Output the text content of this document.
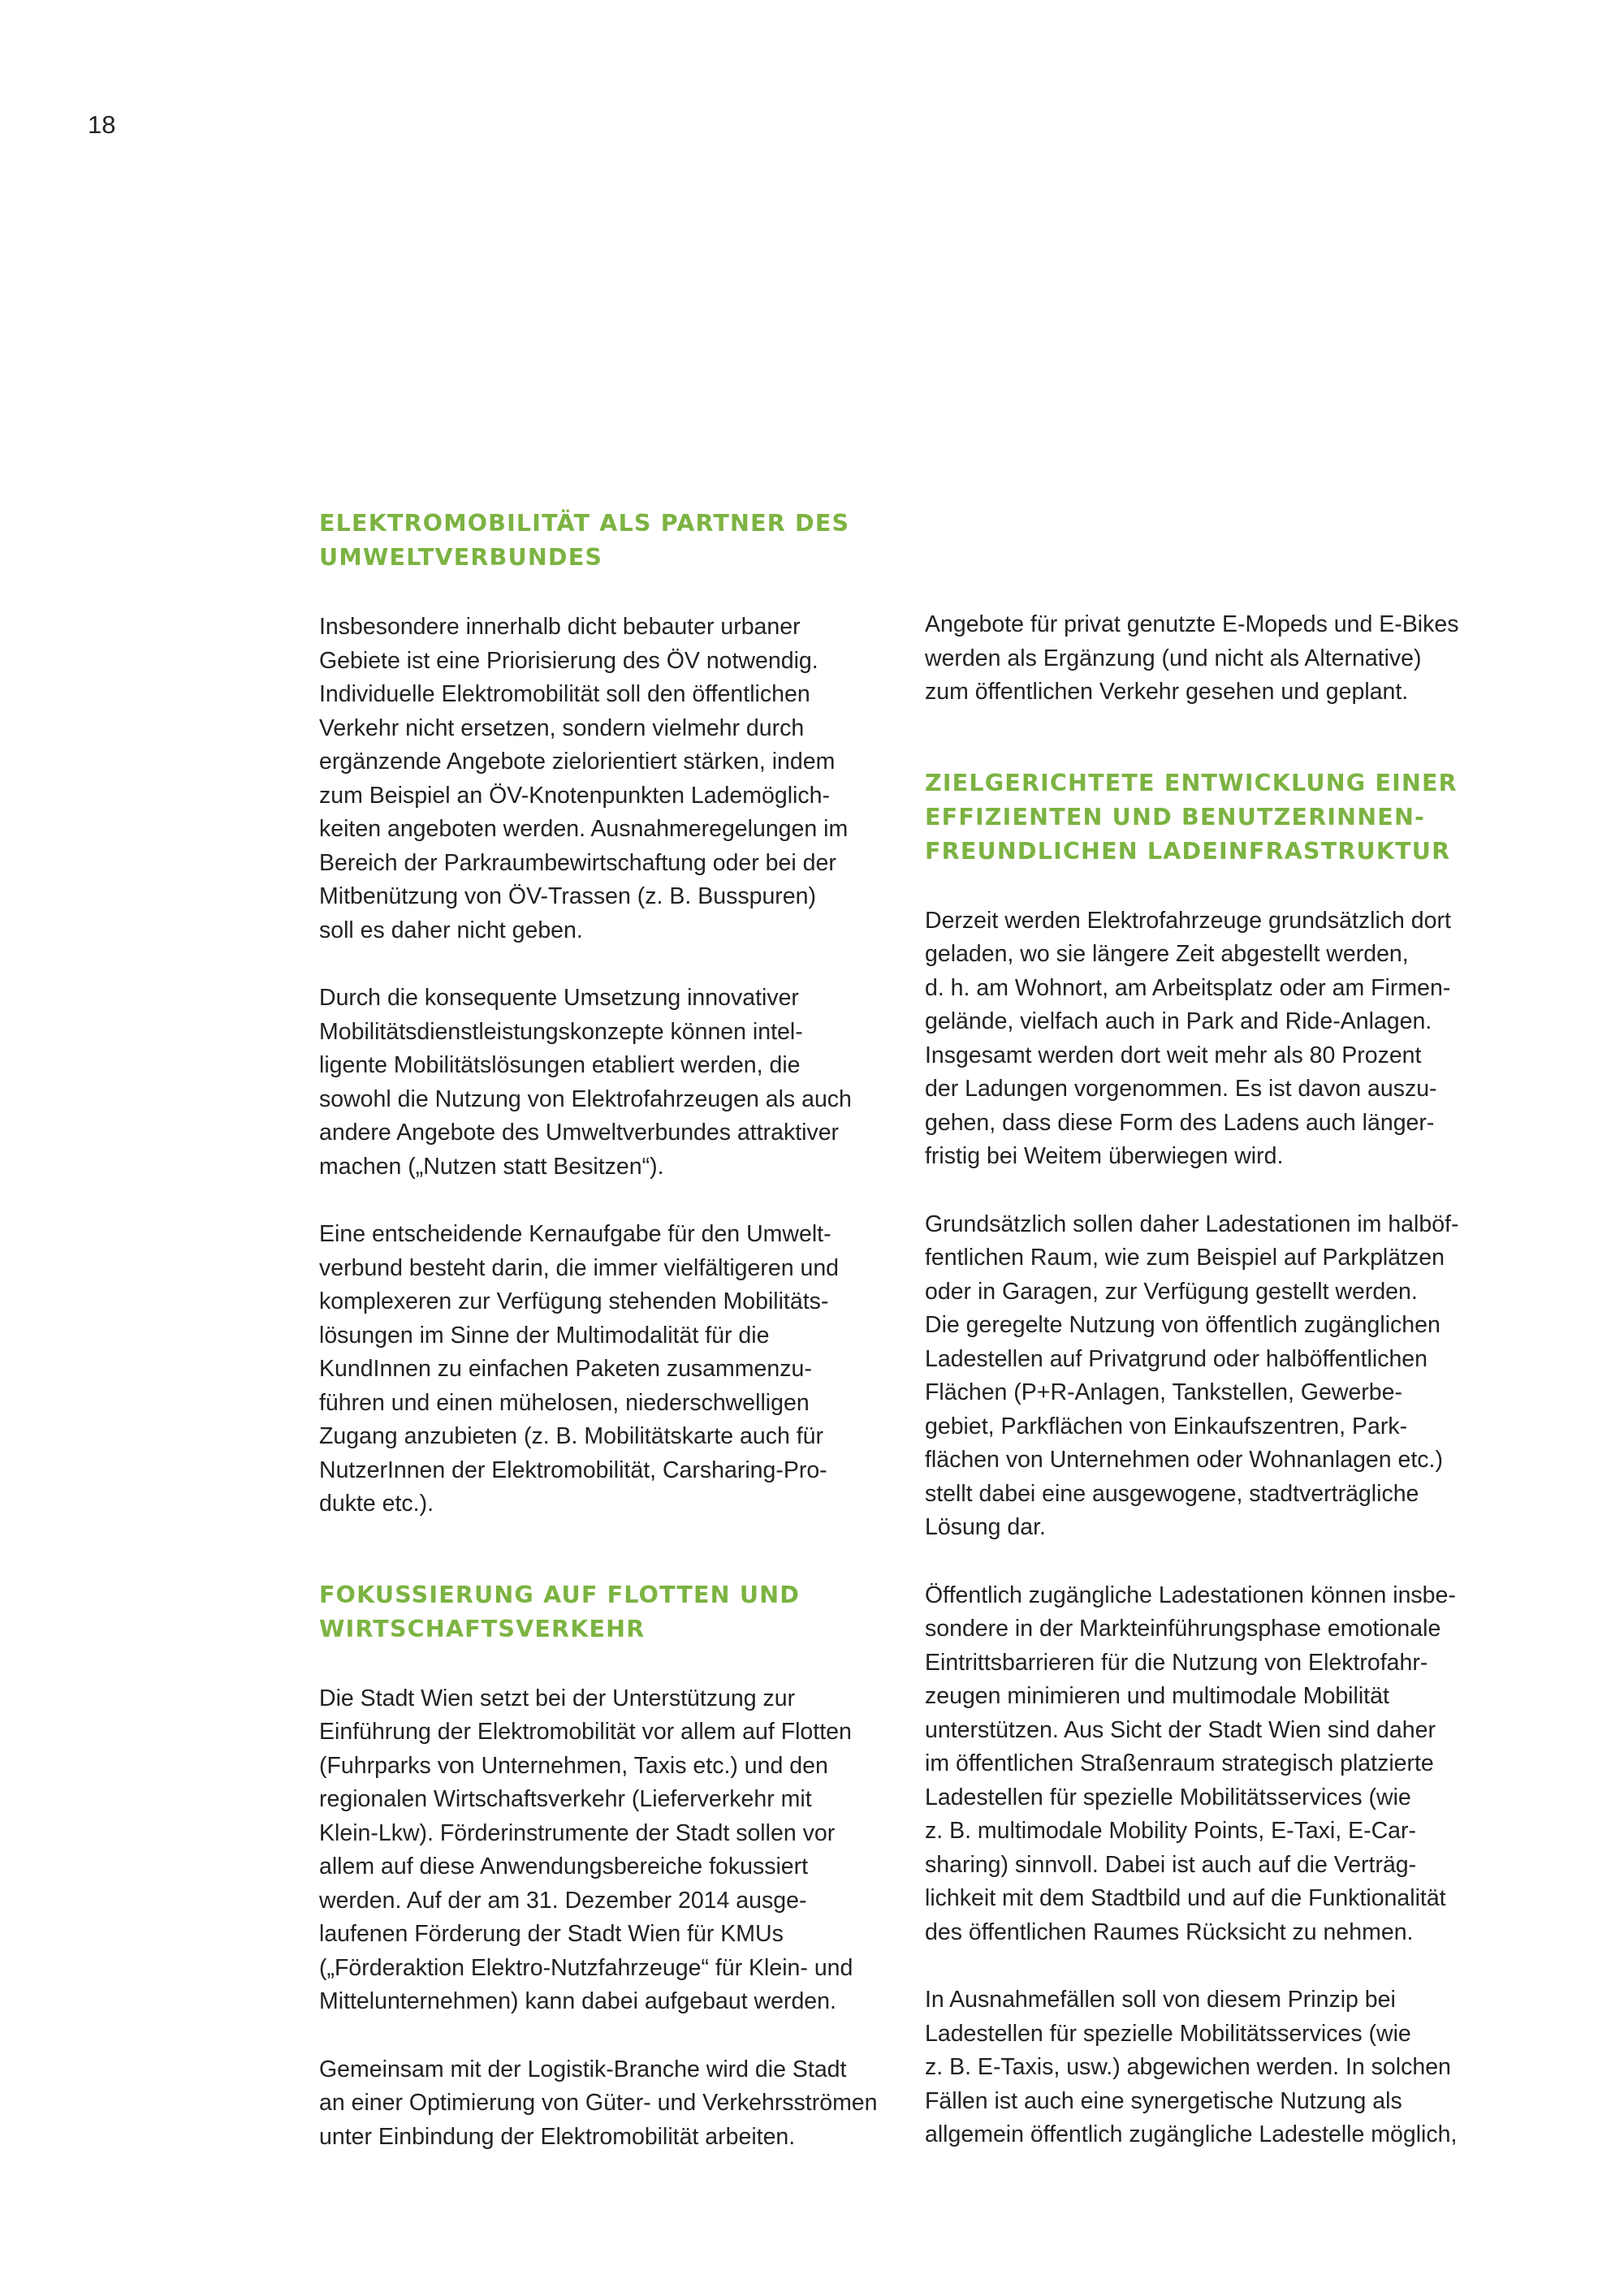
18
ELEKTROMOBILITÄT ALS PARTNER DES
UMWELTVERBUNDES

Insbesondere innerhalb dicht bebauter urbaner
Gebiete ist eine Priorisierung des ÖV notwendig.
Individuelle Elektromobilität soll den öffentlichen
Verkehr nicht ersetzen, sondern vielmehr durch
ergänzende Angebote zielorientiert stärken, indem
zum Beispiel an ÖV-Knotenpunkten Lademöglich-
keiten angeboten werden. Ausnahmeregelungen im
Bereich der Parkraumbewirtschaftung oder bei der
Mitbenützung von ÖV-Trassen (z. B. Busspuren)
soll es daher nicht geben.

Durch die konsequente Umsetzung innovativer
Mobilitätsdienstleistungskonzepte können intel-
ligente Mobilitätslösungen etabliert werden, die
sowohl die Nutzung von Elektrofahrzeugen als auch
andere Angebote des Umweltverbundes attraktiver
machen („Nutzen statt Besitzen“).

Eine entscheidende Kernaufgabe für den Umwelt-
verbund besteht darin, die immer vielfältigeren und
komplexeren zur Verfügung stehenden Mobilitäts-
lösungen im Sinne der Multimodalität für die
KundInnen zu einfachen Paketen zusammenzu-
führen und einen mühelosen, niederschwelligen
Zugang anzubieten (z. B. Mobilitätskarte auch für
NutzerInnen der Elektromobilität, Carsharing-Pro-
dukte etc.).

FOKUSSIERUNG AUF FLOTTEN UND
WIRTSCHAFTSVERKEHR

Die Stadt Wien setzt bei der Unterstützung zur
Einführung der Elektromobilität vor allem auf Flotten
(Fuhrparks von Unternehmen, Taxis etc.) und den
regionalen Wirtschaftsverkehr (Lieferverkehr mit
Klein-Lkw). Förderinstrumente der Stadt sollen vor
allem auf diese Anwendungsbereiche fokussiert
werden. Auf der am 31. Dezember 2014 ausge-
laufenen Förderung der Stadt Wien für KMUs
(„Förderaktion Elektro-Nutzfahrzeuge“ für Klein- und
Mittelunternehmen) kann dabei aufgebaut werden.

Gemeinsam mit der Logistik-Branche wird die Stadt
an einer Optimierung von Güter- und Verkehrsströmen
unter Einbindung der Elektromobilität arbeiten.

Angebote für privat genutzte E-Mopeds und E-Bikes
werden als Ergänzung (und nicht als Alternative)
zum öffentlichen Verkehr gesehen und geplant.

ZIELGERICHTETE ENTWICKLUNG EINER
EFFIZIENTEN UND BENUTZERINNEN-
FREUNDLICHEN LADEINFRASTRUKTUR

Derzeit werden Elektrofahrzeuge grundsätzlich dort
geladen, wo sie längere Zeit abgestellt werden,
d. h. am Wohnort, am Arbeitsplatz oder am Firmen-
gelände, vielfach auch in Park and Ride-Anlagen.
Insgesamt werden dort weit mehr als 80 Prozent
der Ladungen vorgenommen. Es ist davon auszu-
gehen, dass diese Form des Ladens auch länger-
fristig bei Weitem überwiegen wird.

Grundsätzlich sollen daher Ladestationen im halböf-
fentlichen Raum, wie zum Beispiel auf Parkplätzen
oder in Garagen, zur Verfügung gestellt werden.
Die geregelte Nutzung von öffentlich zugänglichen
Ladestellen auf Privatgrund oder halböffentlichen
Flächen (P+R-Anlagen, Tankstellen, Gewerbe-
gebiet, Parkflächen von Einkaufszentren, Park-
flächen von Unternehmen oder Wohnanlagen etc.)
stellt dabei eine ausgewogene, stadtverträgliche
Lösung dar.

Öffentlich zugängliche Ladestationen können insbe-
sondere in der Markteinführungsphase emotionale
Eintrittsbarrieren für die Nutzung von Elektrofahr-
zeugen minimieren und multimodale Mobilität
unterstützen. Aus Sicht der Stadt Wien sind daher
im öffentlichen Straßenraum strategisch platzierte
Ladestellen für spezielle Mobilitätsservices (wie
z. B. multimodale Mobility Points, E-Taxi, E-Car-
sharing) sinnvoll. Dabei ist auch auf die Verträg-
lichkeit mit dem Stadtbild und auf die Funktionalität
des öffentlichen Raumes Rücksicht zu nehmen.

In Ausnahmefällen soll von diesem Prinzip bei
Ladestellen für spezielle Mobilitätsservices (wie
z. B. E-Taxis, usw.) abgewichen werden. In solchen
Fällen ist auch eine synergetische Nutzung als
allgemein öffentlich zugängliche Ladestelle möglich,
